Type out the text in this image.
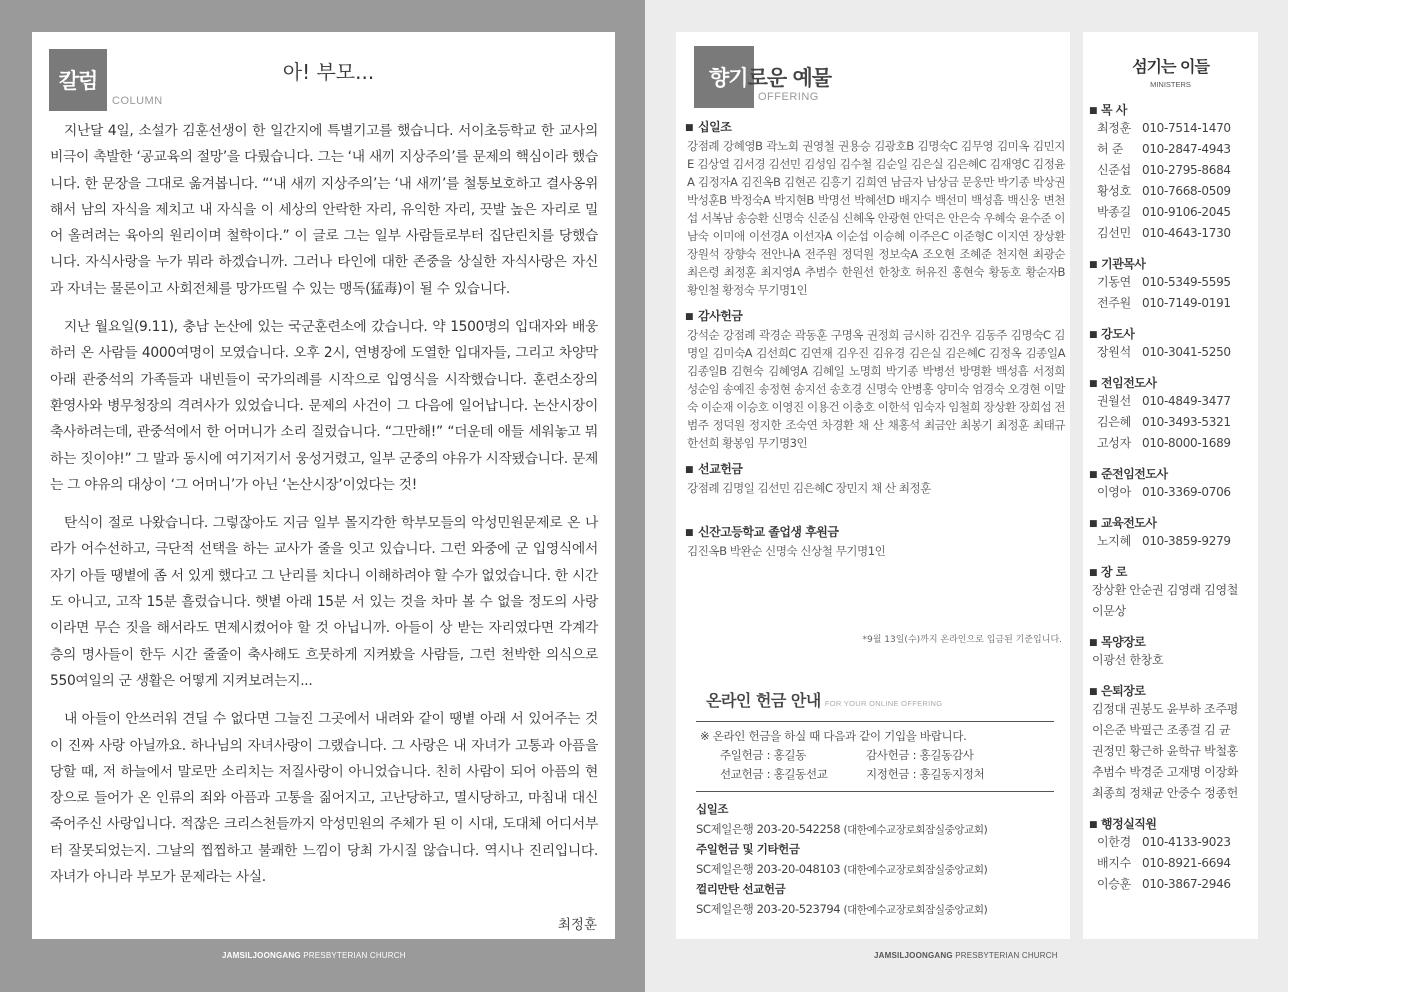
칼럼
COLUMN
아! 부모...

지난달 4일, 소설가 김훈선생이 한 일간지에 특별기고를 했습니다. 서이초등학교 한 교사의 비극이 촉발한 ‘공교육의 절망’을 다뤘습니다. 그는 ‘내 새끼 지상주의’를 문제의 핵심이라 했습니다. 한 문장을 그대로 옮겨봅니다. “‘내 새끼 지상주의’는 ‘내 새끼’를 철통보호하고 결사옹위해서 남의 자식을 제치고 내 자식을 이 세상의 안락한 자리, 유익한 자리, 끗발 높은 자리로 밀어 올려려는 육아의 원리이며 철학이다.” 이 글로 그는 일부 사람들로부터 집단린치를 당했습니다. 자식사랑을 누가 뭐라 하겠습니까. 그러나 타인에 대한 존중을 상실한 자식사랑은 자신과 자녀는 물론이고 사회전체를 망가뜨릴 수 있는 맹독(猛毒)이 될 수 있습니다.

지난 월요일(9.11), 충남 논산에 있는 국군훈련소에 갔습니다. 약 1500명의 입대자와 배웅하러 온 사람들 4000여명이 모였습니다. 오후 2시, 연병장에 도열한 입대자들, 그리고 차양막 아래 관중석의 가족들과 내빈들이 국가의례를 시작으로 입영식을 시작했습니다. 훈련소장의 환영사와 병무청장의 격려사가 있었습니다. 문제의 사건이 그 다음에 일어납니다. 논산시장이 축사하려는데, 관중석에서 한 어머니가 소리 질렀습니다. “그만해!” “더운데 애들 세워놓고 뭐하는 짓이야!” 그 말과 동시에 여기저기서 웅성거렸고, 일부 군중의 야유가 시작됐습니다. 문제는 그 야유의 대상이 ‘그 어머니’가 아닌 ‘논산시장’이었다는 것!

탄식이 절로 나왔습니다. 그렇잖아도 지금 일부 몰지각한 학부모들의 악성민원문제로 온 나라가 어수선하고, 극단적 선택을 하는 교사가 줄을 잇고 있습니다. 그런 와중에 군 입영식에서 자기 아들 땡볕에 좀 서 있게 했다고 그 난리를 치다니 이해하려야 할 수가 없었습니다. 한 시간도 아니고, 고작 15분 흘렀습니다. 햇볕 아래 15분 서 있는 것을 차마 볼 수 없을 정도의 사랑이라면 무슨 짓을 해서라도 면제시켰어야 할 것 아닙니까. 아들이 상 받는 자리였다면 각계각층의 명사들이 한두 시간 줄줄이 축사해도 흐뭇하게 지켜봤을 사람들, 그런 천박한 의식으로 550여일의 군 생활은 어떻게 지켜보려는지...

내 아들이 안쓰러워 견딜 수 없다면 그늘진 그곳에서 내려와 같이 땡볕 아래 서 있어주는 것이 진짜 사랑 아닐까요. 하나님의 자녀사랑이 그랬습니다. 그 사랑은 내 자녀가 고통과 아픔을 당할 때, 저 하늘에서 말로만 소리치는 저질사랑이 아니었습니다. 친히 사람이 되어 아픔의 현장으로 들어가 온 인류의 죄와 아픔과 고통을 짊어지고, 고난당하고, 멸시당하고, 마침내 대신 죽어주신 사랑입니다. 적잖은 크리스천들까지 악성민원의 주체가 된 이 시대, 도대체 어디서부터 잘못되었는지. 그날의 찝찝하고 불쾌한 느낌이 당최 가시질 않습니다. 역시나 진리입니다. 자녀가 아니라 부모가 문제라는 사실.

최정훈
JAMSILJOONGANG PRESBYTERIAN CHURCH
향기로운 예물
OFFERING
■ 십일조
강점례 강혜영B 곽노회 권영철 권용승 김광호B 김명숙C 김무영 김미옥 김민지E 김상열 김서경 김선민 김성임 김수철 김순일 김은실 김은혜C 김재영C 김정윤A 김정자A 김진옥B 김현곤 김흥기 김희연 남금자 남상금 문웅만 박기종 박상권 박성훈B 박정숙A 박지현B 박명선 박혜선D 배지수 백선미 백성흠 백신웅 변천섭 서복남 송승환 신명숙 신준심 신혜옥 안광현 안덕은 안은숙 우혜숙 윤수준 이남숙 이미애 이선경A 이선자A 이순섭 이승혜 이주은C 이준형C 이지연 장상환 장원석 장향숙 전안나A 전주원 정덕원 정보숙A 조오현 조혜준 천지현 최광순 최은령 최정훈 최지영A 추범수 한원선 한창호 허유진 홍현숙 황동호 황순자B 황인철 황정숙 무기명1인
■ 감사헌금
강석순 강점례 곽경순 곽동훈 구명옥 권정희 금시하 김건우 김동주 김명숙C 김명일 김미숙A 김선희C 김연재 김우진 김유경 김은실 김은혜C 김정옥 김종일A 김종일B 김현숙 김혜영A 김혜일 노명희 박기종 박병선 방명환 백성흠 서정희 성순임 송예진 송정현 송지선 송호경 신명숙 안병홍 양미숙 엄경숙 오경현 이말숙 이순재 이승호 이영진 이용건 이충호 이한석 임숙자 임철희 장상환 장희섭 전범주 정덕원 정지한 조숙연 차경환 채 산 채홍석 최금안 최봉기 최정훈 최태규 한선희 황봉임 무기명3인
■ 선교헌금
강점례 김명일 김선민 김은혜C 장민지 채 산 최정훈
■ 신잔고등학교 졸업생 후원금
김진옥B 박완순 신명숙 신상철 무기명1인
*9월 13일(수)까지 온라인으로 입금된 기준입니다.
온라인 헌금 안내 FOR YOUR ONLINE OFFERING
※ 온라인 헌금을 하실 때 다음과 같이 기입을 바랍니다.
주일헌금 : 홍길동	감사헌금 : 홍길동감사
선교헌금 : 홍길동선교	지정헌금 : 홍길동지정처
십일조
SC제일은행 203-20-542258 (대한예수교장로회잠실중앙교회)
주일헌금 및 기타헌금
SC제일은행 203-20-048103 (대한예수교장로회잠실중앙교회)
껄리만탄 선교헌금
SC제일은행 203-20-523794 (대한예수교장로회잠실중앙교회)
섬기는 이들
MINISTERS
■ 목 사
최정훈 010-7514-1470
허 준 010-2847-4943
신준섭 010-2795-8684
황성호 010-7668-0509
박종길 010-9106-2045
김선민 010-4643-1730
■ 기관목사
기동연 010-5349-5595
전주원 010-7149-0191
■ 강도사
장원석 010-3041-5250
■ 전임전도사
권월선 010-4849-3477
김은혜 010-3493-5321
고성자 010-8000-1689
■ 준전임전도사
이영아 010-3369-0706
■ 교육전도사
노지혜 010-3859-9279
■ 장 로
장상환 안순권 김영래 김영철
이문상
■ 목양장로
이광선 한창호
■ 은퇴장로
김정대 권봉도 윤부하 조주평
이은준 박필근 조종걸 김 균
권정민 황근하 윤학규 박철홍
추범수 박경준 고재명 이장화
최종희 정채균 안중수 정종헌
■ 행정실직원
이한경 010-4133-9023
배지수 010-8921-6694
이승훈 010-3867-2946
JAMSILJOONGANG PRESBYTERIAN CHURCH
